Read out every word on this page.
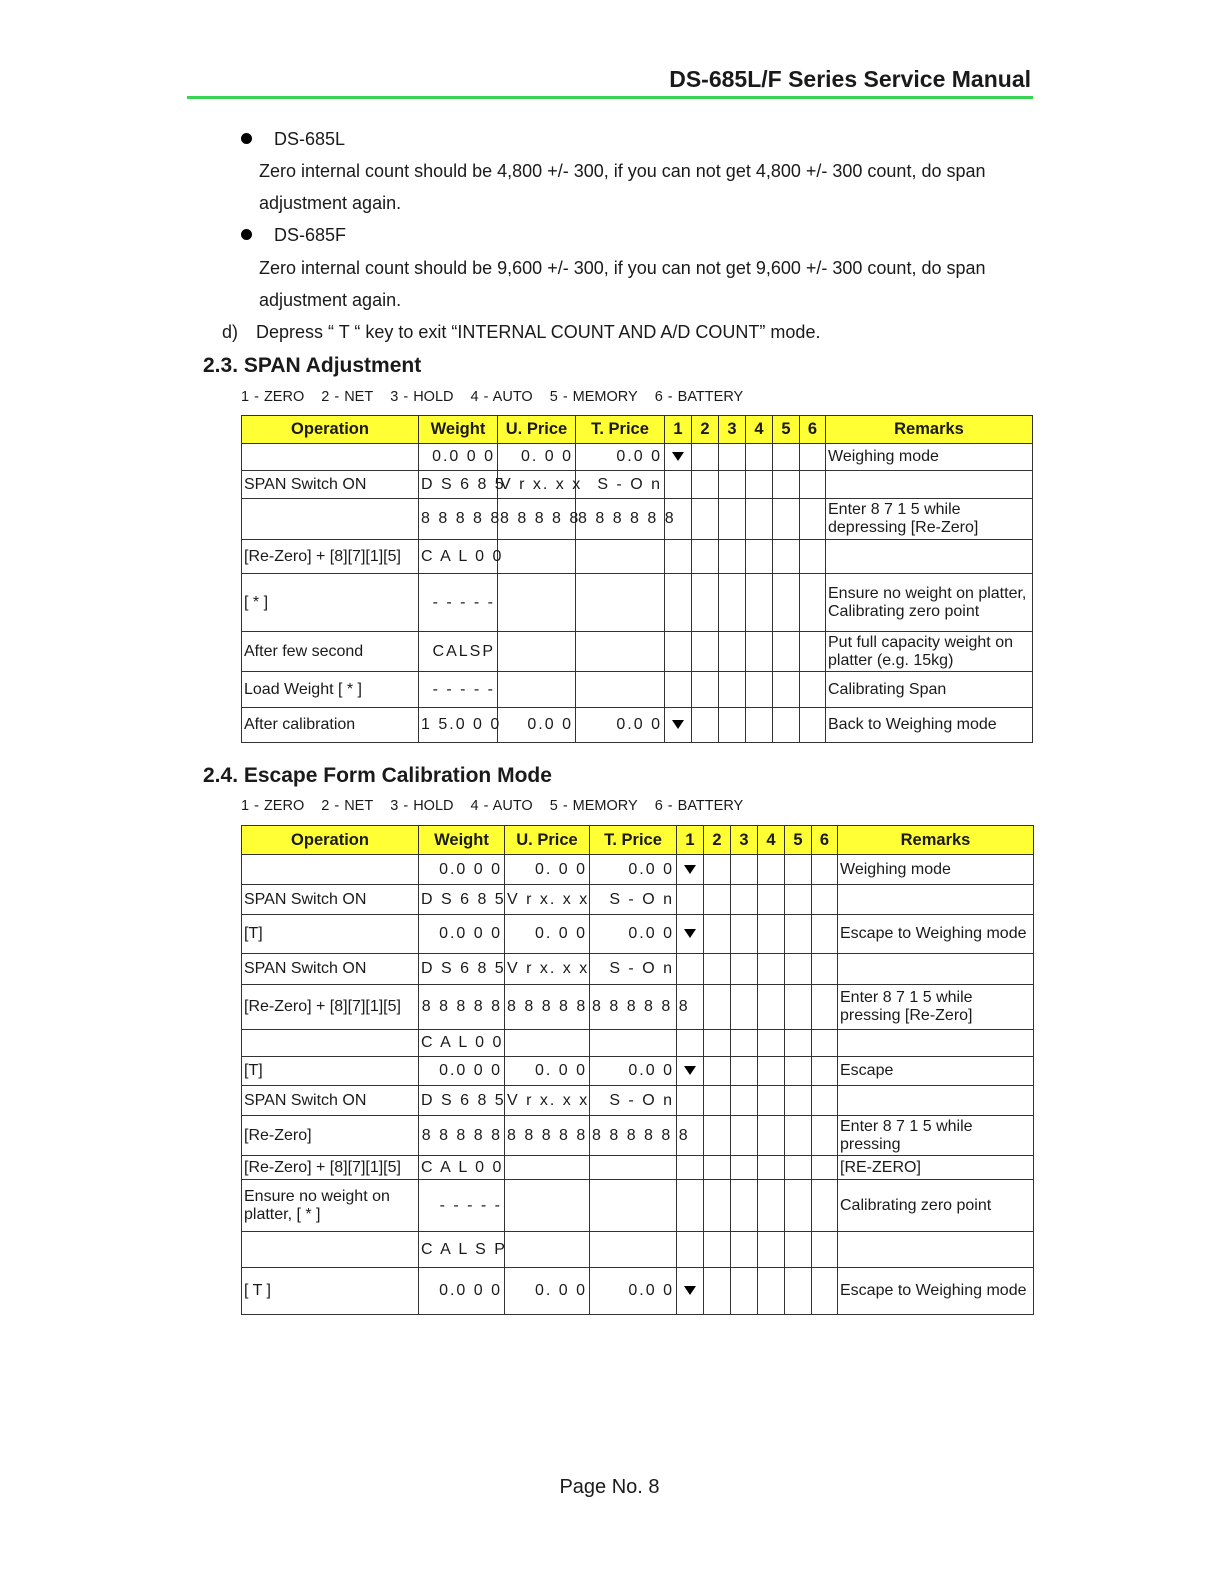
DS-685L/F Series Service Manual
DS-685L
Zero internal count should be 4,800 +/- 300, if you can not get 4,800 +/- 300 count, do span adjustment again.
DS-685F
Zero internal count should be 9,600 +/- 300, if you can not get 9,600 +/- 300 count, do span adjustment again.
d) Depress “ T “ key to exit “INTERNAL COUNT AND A/D COUNT” mode.
2.3. SPAN Adjustment
1 - ZERO 2 - NET 3 - HOLD 4 - AUTO 5 - MEMORY 6 - BATTERY
Operation	Weight	U. Price	T. Price	1	2	3	4	5	6	Remarks
	0.0 0 0	0. 0 0	0.0 0							Weighing mode
SPAN Switch ON	D S 6 8 5	V r x. x x	S - O n							
	8 8 8 8 8	8 8 8 8 8	8 8 8 8 8 8							Enter 8 7 1 5 while depressing [Re-Zero]
[Re-Zero] + [8][7][1][5]	C A L 0 0									
[ * ]	- - - - -									Ensure no weight on platter, Calibrating zero point
After few second	CALSP									Put full capacity weight on platter (e.g. 15kg)
Load Weight [ * ]	- - - - -									Calibrating Span
After calibration	1 5.0 0 0	0.0 0	0.0 0							Back to Weighing mode
2.4. Escape Form Calibration Mode
1 - ZERO 2 - NET 3 - HOLD 4 - AUTO 5 - MEMORY 6 - BATTERY
Operation	Weight	U. Price	T. Price	1	2	3	4	5	6	Remarks
	0.0 0 0	0. 0 0	0.0 0							Weighing mode
SPAN Switch ON	D S 6 8 5	V r x. x x	S - O n							
[T]	0.0 0 0	0. 0 0	0.0 0							Escape to Weighing mode
SPAN Switch ON	D S 6 8 5	V r x. x x	S - O n							
[Re-Zero] + [8][7][1][5]	8 8 8 8 8	8 8 8 8 8	8 8 8 8 8 8							Enter 8 7 1 5 while pressing [Re-Zero]
	C A L 0 0									
[T]	0.0 0 0	0. 0 0	0.0 0							Escape
SPAN Switch ON	D S 6 8 5	V r x. x x	S - O n							
[Re-Zero]	8 8 8 8 8	8 8 8 8 8	8 8 8 8 8 8							Enter 8 7 1 5 while pressing
[Re-Zero] + [8][7][1][5]	C A L 0 0									[RE-ZERO]
Ensure no weight on platter, [ * ]	- - - - -									Calibrating zero point
	C A L S P									
[ T ]	0.0 0 0	0. 0 0	0.0 0							Escape to Weighing mode
Page No. 8
